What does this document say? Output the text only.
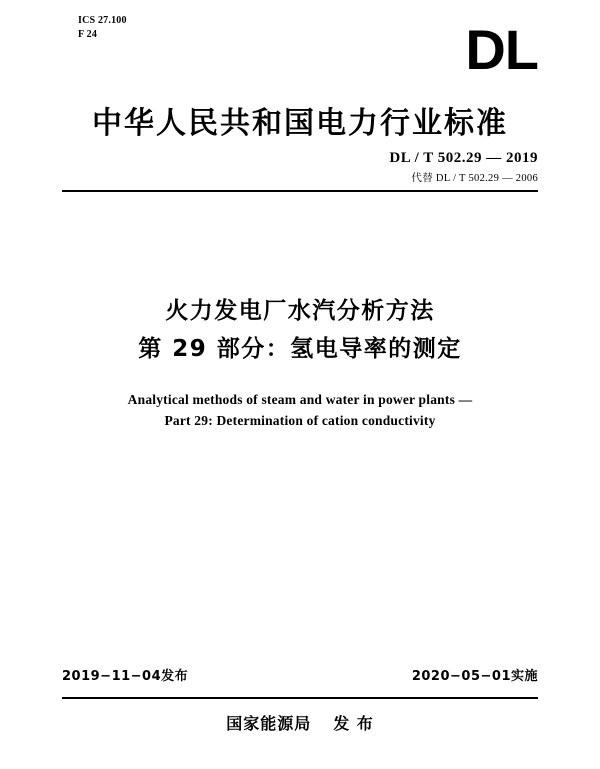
ICS 27.100
F 24	DL
中华人民共和国电力行业标准
DL / T 502.29 — 2019
代替 DL / T 502.29 — 2006
火力发电厂水汽分析方法
第 29 部分：氢电导率的测定
Analytical methods of steam and water in power plants —
Part 29: Determination of cation conductivity
2019−11−04发布	2020−05−01实施
国家能源局 发 布
